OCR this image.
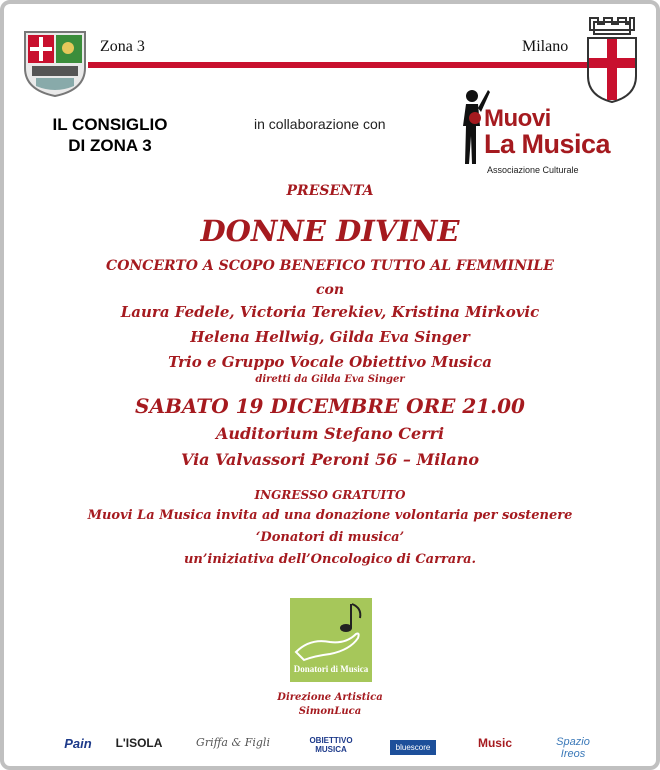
Zona 3	Milano
IL CONSIGLIO
DI ZONA 3
in collaborazione con	Muovi
La Musica
Associazione Culturale
PRESENTA
DONNE DIVINE
CONCERTO A SCOPO BENEFICO TUTTO AL FEMMINILE
con
Laura Fedele, Victoria Terekiev, Kristina Mirkovic
Helena Hellwig, Gilda Eva Singer
Trio e Gruppo Vocale Obiettivo Musica
diretti da Gilda Eva Singer
SABATO 19 DICEMBRE ORE 21.00
Auditorium Stefano Cerri
Via Valvassori Peroni 56 – Milano
INGRESSO GRATUITO
Muovi La Musica invita ad una donazione volontaria per sostenere
‘Donatori di musica’
un’iniziativa dell’Oncologico di Carrara.
Donatori di Musica
Direzione Artistica
SimonLuca
Pain	L'ISOLA	Griffa & Figli	OBIETTIVO MUSICA	bluescore	Music	Spazio Ireos
